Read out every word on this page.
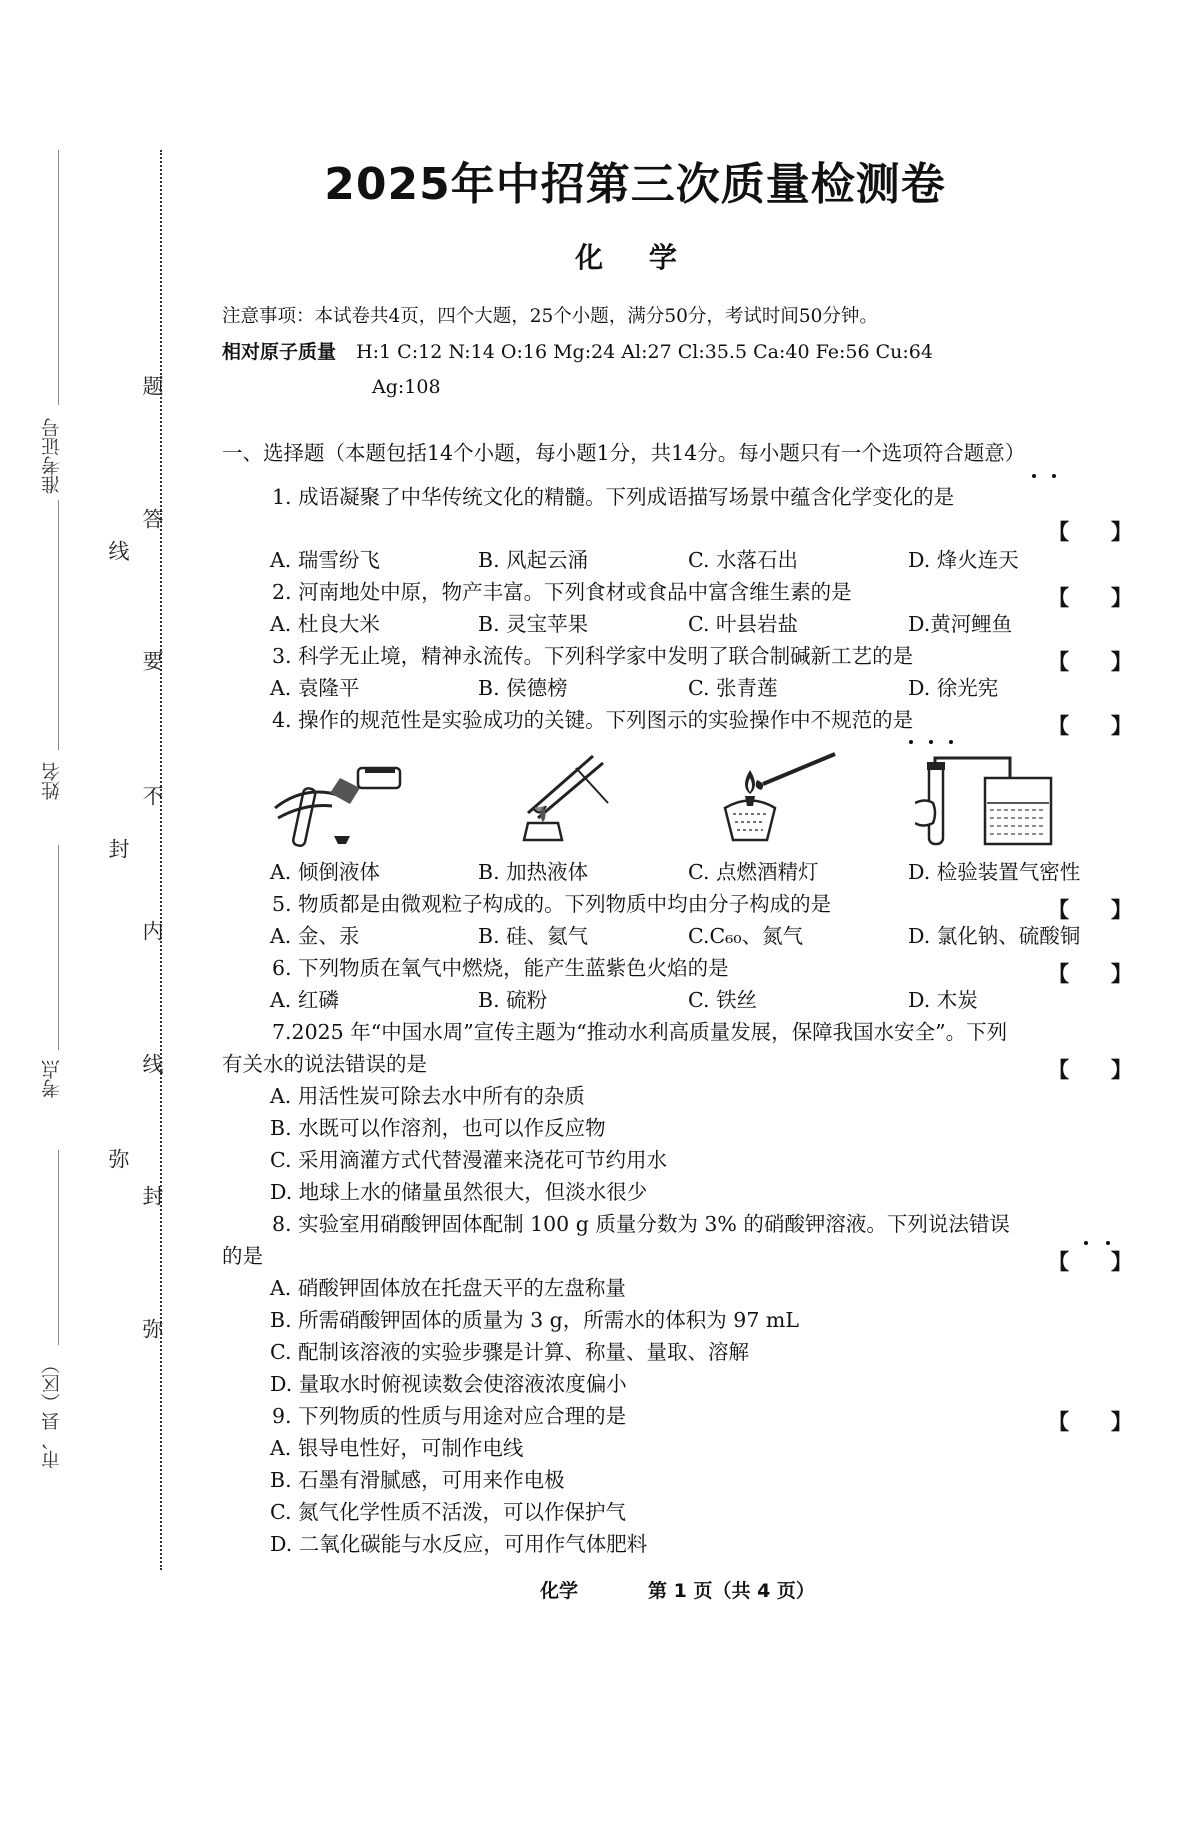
题
答
要
不
内
线
封
弥
线
封
弥
准考证号
姓名
考点
市、县（区）
2025年中招第三次质量检测卷
化 学
注意事项：本试卷共4页，四个大题，25个小题，满分50分，考试时间50分钟。
相对原子质量 H:1 C:12 N:14 O:16 Mg:24 Al:27 Cl:35.5 Ca:40 Fe:56 Cu:64
Ag:108
一、选择题（本题包括14个小题，每小题1分，共14分。每小题只有一个选项符合题意）
1. 成语凝聚了中华传统文化的精髓。下列成语描写场景中蕴含化学变化的是
【　　】
A. 瑞雪纷飞	B. 风起云涌	C. 水落石出	D. 烽火连天
2. 河南地处中原，物产丰富。下列食材或食品中富含维生素的是	【　　】
A. 杜良大米	B. 灵宝苹果	C. 叶县岩盐	D.黄河鲤鱼
3. 科学无止境，精神永流传。下列科学家中发明了联合制碱新工艺的是	【　　】
A. 袁隆平	B. 侯德榜	C. 张青莲	D. 徐光宪
4. 操作的规范性是实验成功的关键。下列图示的实验操作中不规范的是	【　　】
A. 倾倒液体	B. 加热液体	C. 点燃酒精灯	D. 检验装置气密性
5. 物质都是由微观粒子构成的。下列物质中均由分子构成的是	【　　】
A. 金、汞	B. 硅、氦气	C.C₆₀、氮气	D. 氯化钠、硫酸铜
6. 下列物质在氧气中燃烧，能产生蓝紫色火焰的是	【　　】
A. 红磷	B. 硫粉	C. 铁丝	D. 木炭
7.2025 年“中国水周”宣传主题为“推动水利高质量发展，保障我国水安全”。下列
有关水的说法错误的是	【　　】
A. 用活性炭可除去水中所有的杂质
B. 水既可以作溶剂，也可以作反应物
C. 采用滴灌方式代替漫灌来浇花可节约用水
D. 地球上水的储量虽然很大，但淡水很少
8. 实验室用硝酸钾固体配制 100 g 质量分数为 3% 的硝酸钾溶液。下列说法错误
的是	【　　】
A. 硝酸钾固体放在托盘天平的左盘称量
B. 所需硝酸钾固体的质量为 3 g，所需水的体积为 97 mL
C. 配制该溶液的实验步骤是计算、称量、量取、溶解
D. 量取水时俯视读数会使溶液浓度偏小
9. 下列物质的性质与用途对应合理的是	【　　】
A. 银导电性好，可制作电线
B. 石墨有滑腻感，可用来作电极
C. 氮气化学性质不活泼，可以作保护气
D. 二氧化碳能与水反应，可用作气体肥料
化学	第 1 页（共 4 页）
